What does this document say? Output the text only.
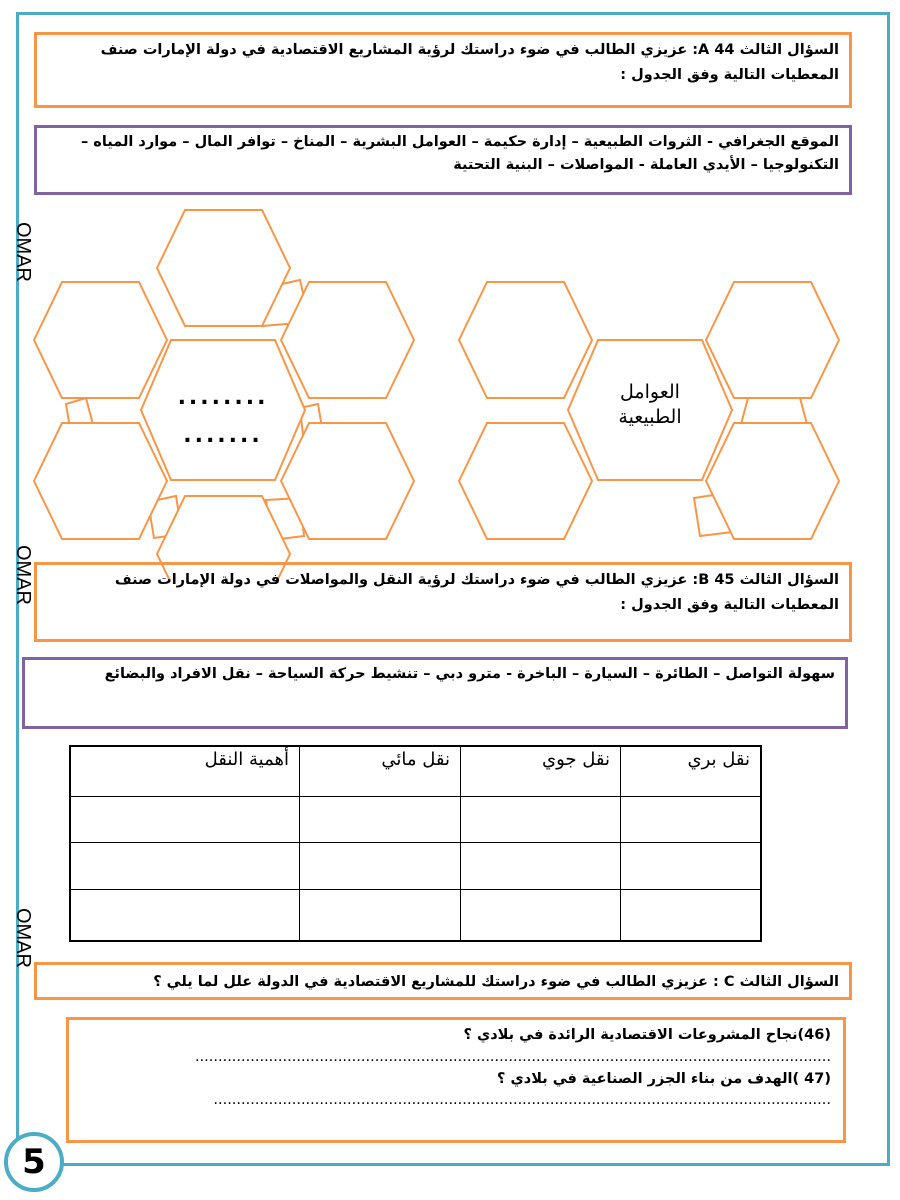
OMAR
OMAR
OMAR
السؤال الثالث 44 A: عزيزي الطالب في ضوء دراستك لرؤية المشاريع الاقتصادية في دولة الإمارات صنف المعطيات التالية وفق الجدول :
الموقع الجغرافي - الثروات الطبيعية – إدارة حكيمة – العوامل البشرية – المناخ – توافر المال – موارد المياه – التكنولوجيا – الأيدي العاملة - المواصلات – البنية التحتية
........
.......
العوامل الطبيعية
السؤال الثالث 45 B: عزيزي الطالب في ضوء دراستك لرؤية النقل والمواصلات في دولة الإمارات صنف المعطيات التالية وفق الجدول :
سهولة التواصل – الطائرة – السيارة – الباخرة - مترو دبي – تنشيط حركة السياحة – نقل الافراد والبضائع
نقل بري	نقل جوي	نقل مائي	أهمية النقل

السؤال الثالث C : عزيزي الطالب في ضوء دراستك للمشاريع الاقتصادية في الدولة علل لما يلي ؟
(46)نجاح المشروعات الاقتصادية الرائدة في بلادي ؟
..........................................................................................................................................
(47 )الهدف من بناء الجزر الصناعية في بلادي ؟
......................................................................................................................................
5
